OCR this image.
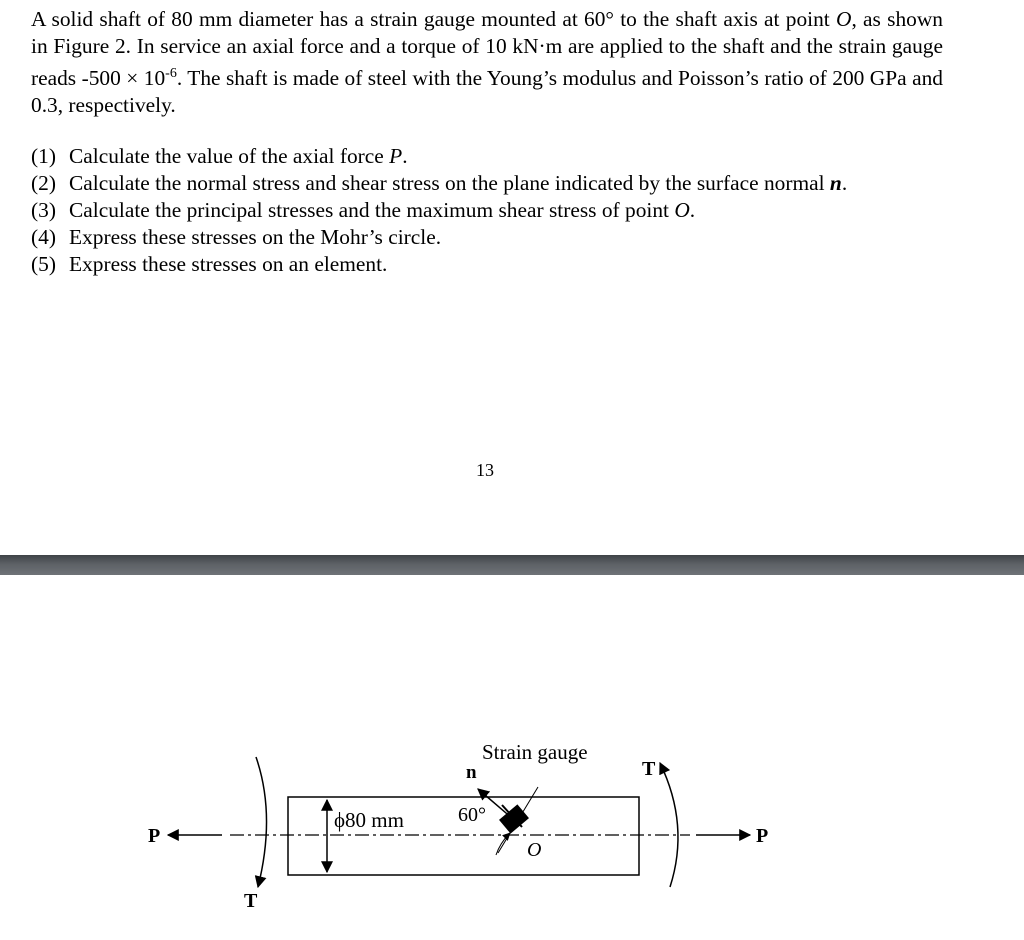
A solid shaft of 80 mm diameter has a strain gauge mounted at 60° to the shaft axis at point O, as shown in Figure 2. In service an axial force and a torque of 10 kN·m are applied to the shaft and the strain gauge reads $-500 \times 10^{-6}$. The shaft is made of steel with the Young’s modulus and Poisson’s ratio of 200 GPa and 0.3, respectively.

(1) Calculate the value of the axial force P.
(2) Calculate the normal stress and shear stress on the plane indicated by the surface normal n.
(3) Calculate the principal stresses and the maximum shear stress of point O.
(4) Express these stresses on the Mohr’s circle.
(5) Express these stresses on an element.
13
P	P
T
T
ϕ80 mm
n
Strain gauge
60°
O
